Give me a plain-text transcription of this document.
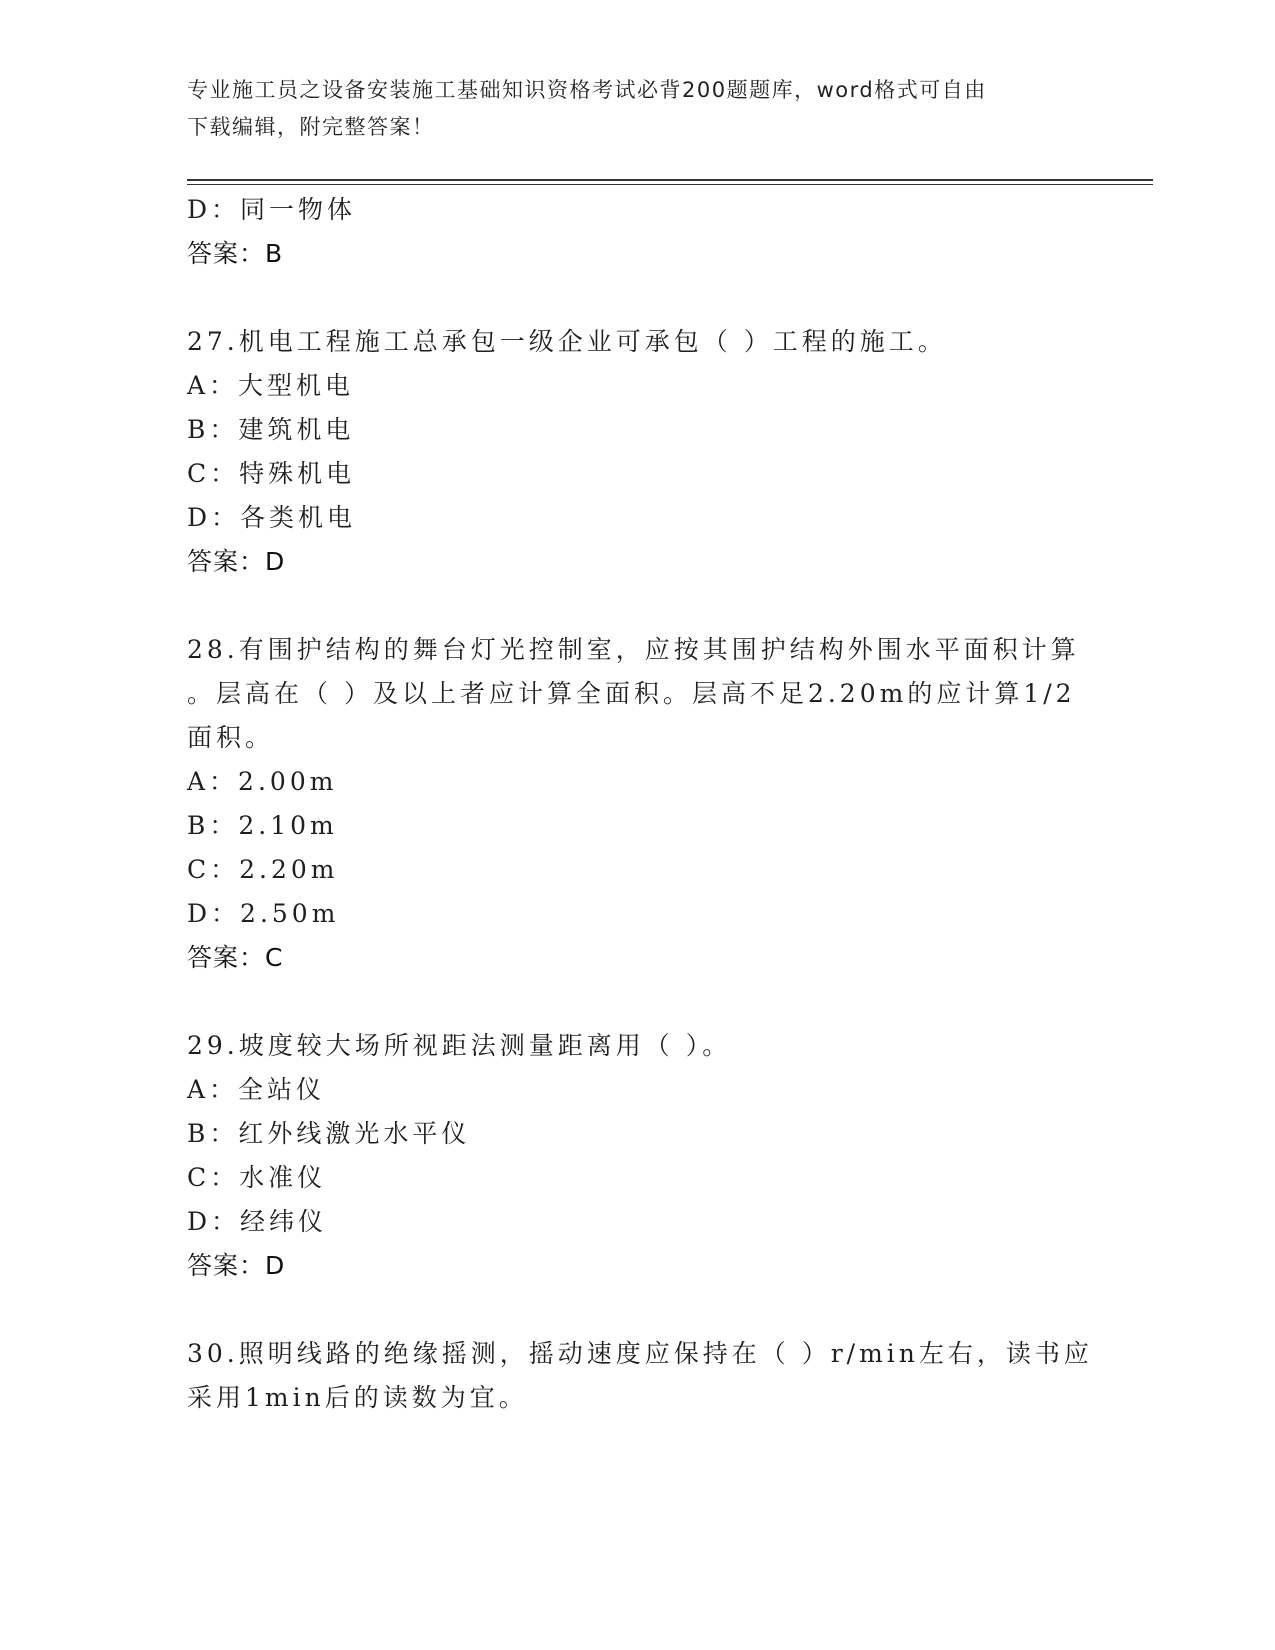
专业施工员之设备安装施工基础知识资格考试必背200题题库，word格式可自由
下载编辑，附完整答案！
D：同一物体
答案：B
27.机电工程施工总承包一级企业可承包（ ）工程的施工。
A：大型机电
B：建筑机电
C：特殊机电
D：各类机电
答案：D
28.有围护结构的舞台灯光控制室，应按其围护结构外围水平面积计算
。层高在（ ）及以上者应计算全面积。层高不足2.20m的应计算1/2
面积。
A：2.00m
B：2.10m
C：2.20m
D：2.50m
答案：C
29.坡度较大场所视距法测量距离用（ ）。
A：全站仪
B：红外线激光水平仪
C：水准仪
D：经纬仪
答案：D
30.照明线路的绝缘摇测，摇动速度应保持在（ ）r/min左右，读书应
采用1min后的读数为宜。
